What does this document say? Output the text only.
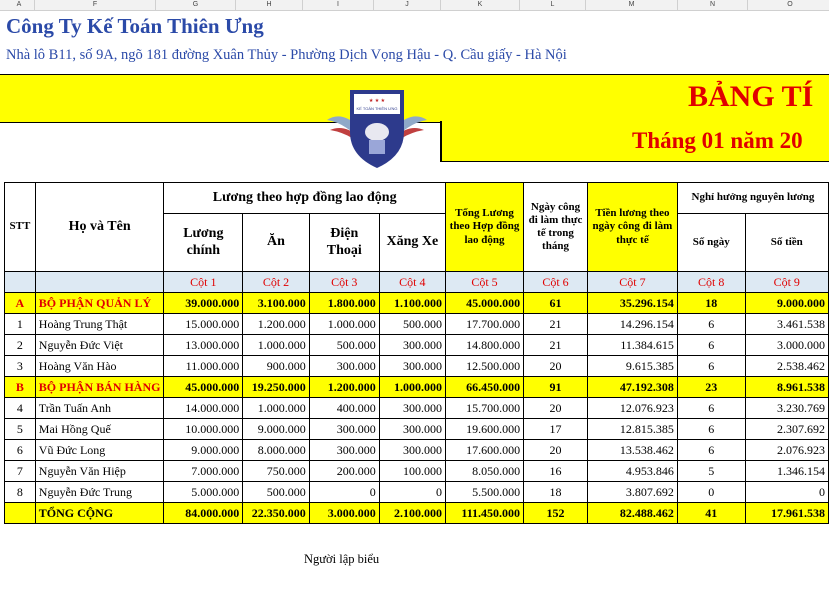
A	F	G	H	I	J	K	L	M	N	O
Công Ty Kế Toán Thiên Ưng
Nhà lô B11, số 9A, ngõ 181 đường Xuân Thủy - Phường Dịch Vọng Hậu - Q. Cầu giấy - Hà Nội
BẢNG TÍ
Tháng 01 năm 20
★ ★ ★
KẾ TOÁN THIÊN ƯNG
STT	Họ và Tên	Lương theo hợp đồng lao động				Tổng Lương theo Hợp đồng lao động	Ngày công đi làm thực tế trong tháng	Tiền lương theo ngày công đi làm thực tế	Nghỉ hưởng nguyên lương	
		Lương chính	Ăn	Điện Thoại	Xăng Xe				Số ngày	Số tiền
		Cột 1	Cột 2	Cột 3	Cột 4	Cột 5	Cột 6	Cột 7	Cột 8	Cột 9
A	BỘ PHẬN QUẢN LÝ	39.000.000	3.100.000	1.800.000	1.100.000	45.000.000	61	35.296.154	18	9.000.000
1	Hoàng Trung Thật	15.000.000	1.200.000	1.000.000	500.000	17.700.000	21	14.296.154	6	3.461.538
2	Nguyễn Đức Việt	13.000.000	1.000.000	500.000	300.000	14.800.000	21	11.384.615	6	3.000.000
3	Hoàng Văn Hào	11.000.000	900.000	300.000	300.000	12.500.000	20	9.615.385	6	2.538.462
B	BỘ PHẬN BÁN HÀNG	45.000.000	19.250.000	1.200.000	1.000.000	66.450.000	91	47.192.308	23	8.961.538
4	Trần Tuấn Anh	14.000.000	1.000.000	400.000	300.000	15.700.000	20	12.076.923	6	3.230.769
5	Mai Hồng Quế	10.000.000	9.000.000	300.000	300.000	19.600.000	17	12.815.385	6	2.307.692
6	Vũ Đức Long	9.000.000	8.000.000	300.000	300.000	17.600.000	20	13.538.462	6	2.076.923
7	Nguyễn Văn Hiệp	7.000.000	750.000	200.000	100.000	8.050.000	16	4.953.846	5	1.346.154
8	Nguyễn Đức Trung	5.000.000	500.000	0	0	5.500.000	18	3.807.692	0	0
	TỔNG CỘNG	84.000.000	22.350.000	3.000.000	2.100.000	111.450.000	152	82.488.462	41	17.961.538
Người lập biểu
